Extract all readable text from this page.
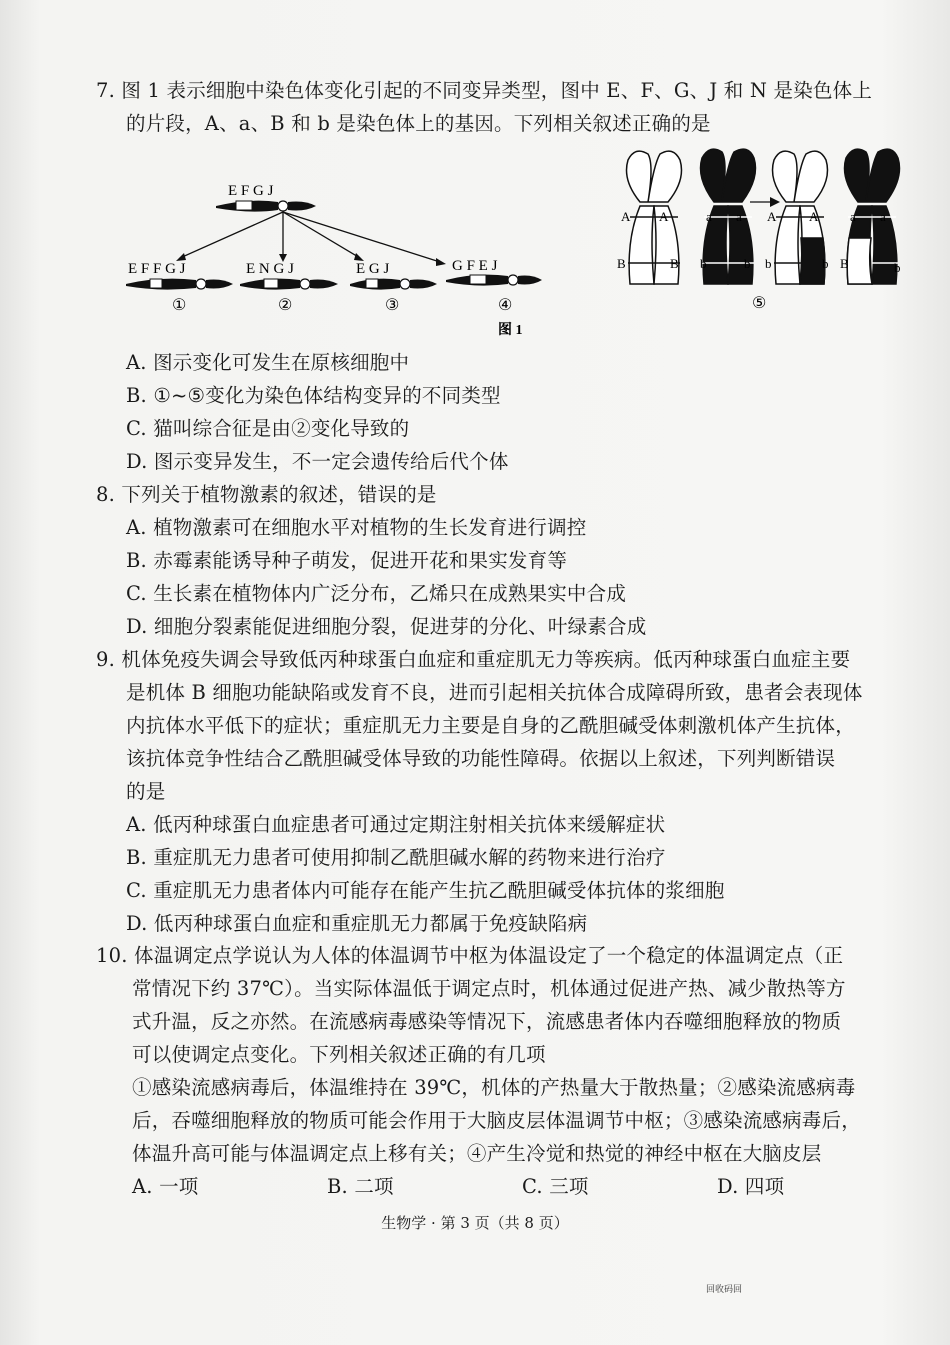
7. 图 1 表示细胞中染色体变化引起的不同变异类型，图中 E、F、G、J 和 N 是染色体上
的片段，A、a、B 和 b 是染色体上的基因。下列相关叙述正确的是
E F G J
E F F G J
①
E N G J
②
E G J
③
G F E J
④
A A
B	B
a a
b	b
A	A
b	b
a a
B	b
⑤
图 1
A. 图示变化可发生在原核细胞中
B. ①~⑤变化为染色体结构变异的不同类型
C. 猫叫综合征是由②变化导致的
D. 图示变异发生，不一定会遗传给后代个体
8. 下列关于植物激素的叙述，错误的是
A. 植物激素可在细胞水平对植物的生长发育进行调控
B. 赤霉素能诱导种子萌发，促进开花和果实发育等
C. 生长素在植物体内广泛分布，乙烯只在成熟果实中合成
D. 细胞分裂素能促进细胞分裂，促进芽的分化、叶绿素合成
9. 机体免疫失调会导致低丙种球蛋白血症和重症肌无力等疾病。低丙种球蛋白血症主要
是机体 B 细胞功能缺陷或发育不良，进而引起相关抗体合成障碍所致，患者会表现体
内抗体水平低下的症状；重症肌无力主要是自身的乙酰胆碱受体刺激机体产生抗体，
该抗体竞争性结合乙酰胆碱受体导致的功能性障碍。依据以上叙述，下列判断错误
的是
A. 低丙种球蛋白血症患者可通过定期注射相关抗体来缓解症状
B. 重症肌无力患者可使用抑制乙酰胆碱水解的药物来进行治疗
C. 重症肌无力患者体内可能存在能产生抗乙酰胆碱受体抗体的浆细胞
D. 低丙种球蛋白血症和重症肌无力都属于免疫缺陷病
10. 体温调定点学说认为人体的体温调节中枢为体温设定了一个稳定的体温调定点（正
常情况下约 37℃）。当实际体温低于调定点时，机体通过促进产热、减少散热等方
式升温，反之亦然。在流感病毒感染等情况下，流感患者体内吞噬细胞释放的物质
可以使调定点变化。下列相关叙述正确的有几项
①感染流感病毒后，体温维持在 39℃，机体的产热量大于散热量；②感染流感病毒
后，吞噬细胞释放的物质可能会作用于大脑皮层体温调节中枢；③感染流感病毒后，
体温升高可能与体温调定点上移有关；④产生冷觉和热觉的神经中枢在大脑皮层
A. 一项	B. 二项	C. 三项	D. 四项
生物学 · 第 3 页（共 8 页）
回收码回
